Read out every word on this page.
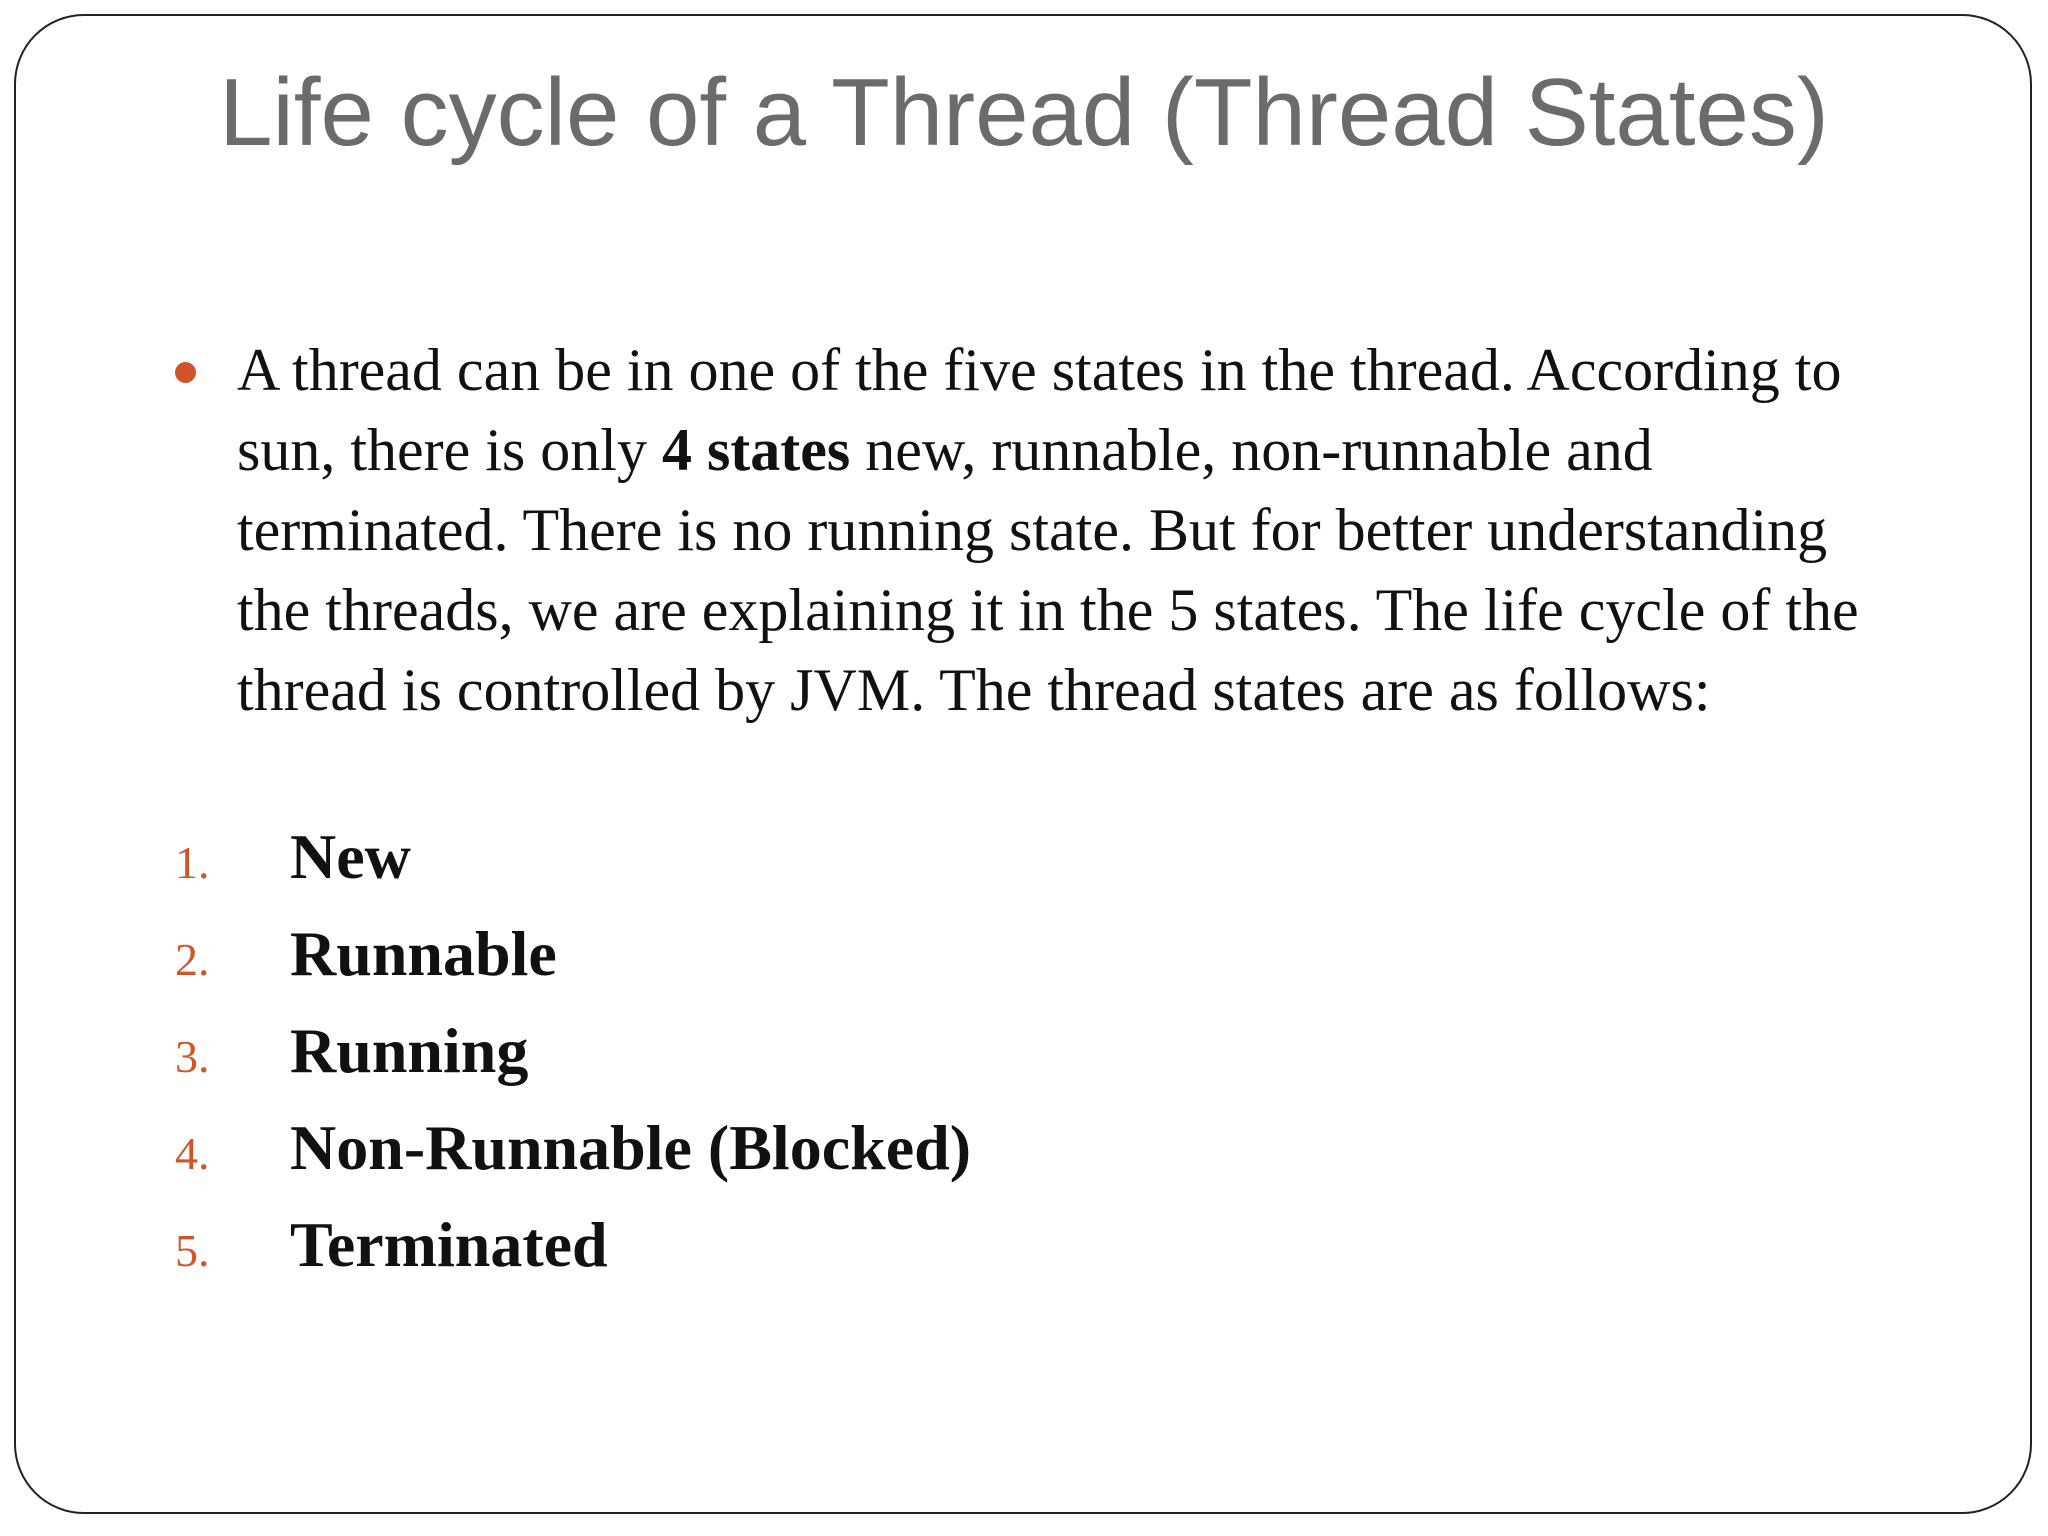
Life cycle of a Thread (Thread States)
A thread can be in one of the five states in the thread. According to sun, there is only 4 states new, runnable, non-runnable and terminated. There is no running state. But for better understanding the threads, we are explaining it in the 5 states. The life cycle of the thread is controlled by JVM. The thread states are as follows:
1.	New
2.	Runnable
3.	Running
4.	Non-Runnable (Blocked)
5.	Terminated
